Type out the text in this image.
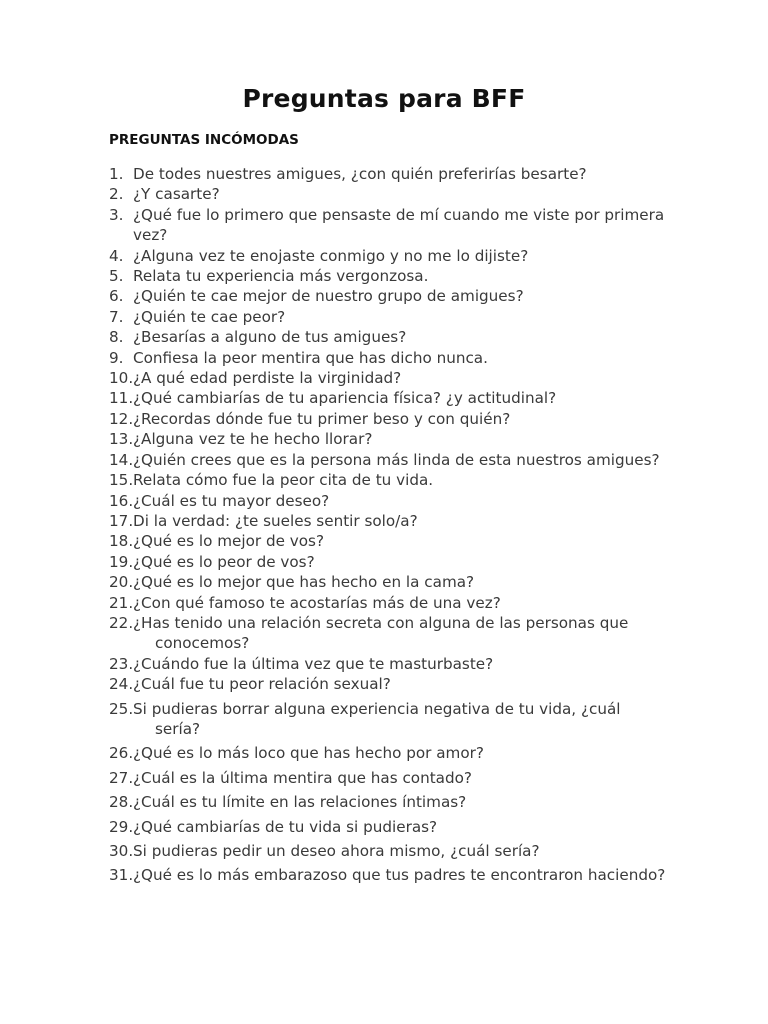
Preguntas para BFF
PREGUNTAS INCÓMODAS
1. De todes nuestres amigues, ¿con quién preferirías besarte?
2. ¿Y casarte?
3. ¿Qué fue lo primero que pensaste de mí cuando me viste por primera vez?
4. ¿Alguna vez te enojaste conmigo y no me lo dijiste?
5. Relata tu experiencia más vergonzosa.
6. ¿Quién te cae mejor de nuestro grupo de amigues?
7. ¿Quién te cae peor?
8. ¿Besarías a alguno de tus amigues?
9. Confiesa la peor mentira que has dicho nunca.
10. ¿A qué edad perdiste la virginidad?
11. ¿Qué cambiarías de tu apariencia física? ¿y actitudinal?
12. ¿Recordas dónde fue tu primer beso y con quién?
13. ¿Alguna vez te he hecho llorar?
14. ¿Quién crees que es la persona más linda de esta nuestros amigues?
15. Relata cómo fue la peor cita de tu vida.
16. ¿Cuál es tu mayor deseo?
17. Di la verdad: ¿te sueles sentir solo/a?
18. ¿Qué es lo mejor de vos?
19. ¿Qué es lo peor de vos?
20. ¿Qué es lo mejor que has hecho en la cama?
21. ¿Con qué famoso te acostarías más de una vez?
22. ¿Has tenido una relación secreta con alguna de las personas que conocemos?
23. ¿Cuándo fue la última vez que te masturbaste?
24. ¿Cuál fue tu peor relación sexual?
25. Si pudieras borrar alguna experiencia negativa de tu vida, ¿cuál sería?
26. ¿Qué es lo más loco que has hecho por amor?
27. ¿Cuál es la última mentira que has contado?
28. ¿Cuál es tu límite en las relaciones íntimas?
29. ¿Qué cambiarías de tu vida si pudieras?
30. Si pudieras pedir un deseo ahora mismo, ¿cuál sería?
31. ¿Qué es lo más embarazoso que tus padres te encontraron haciendo?
